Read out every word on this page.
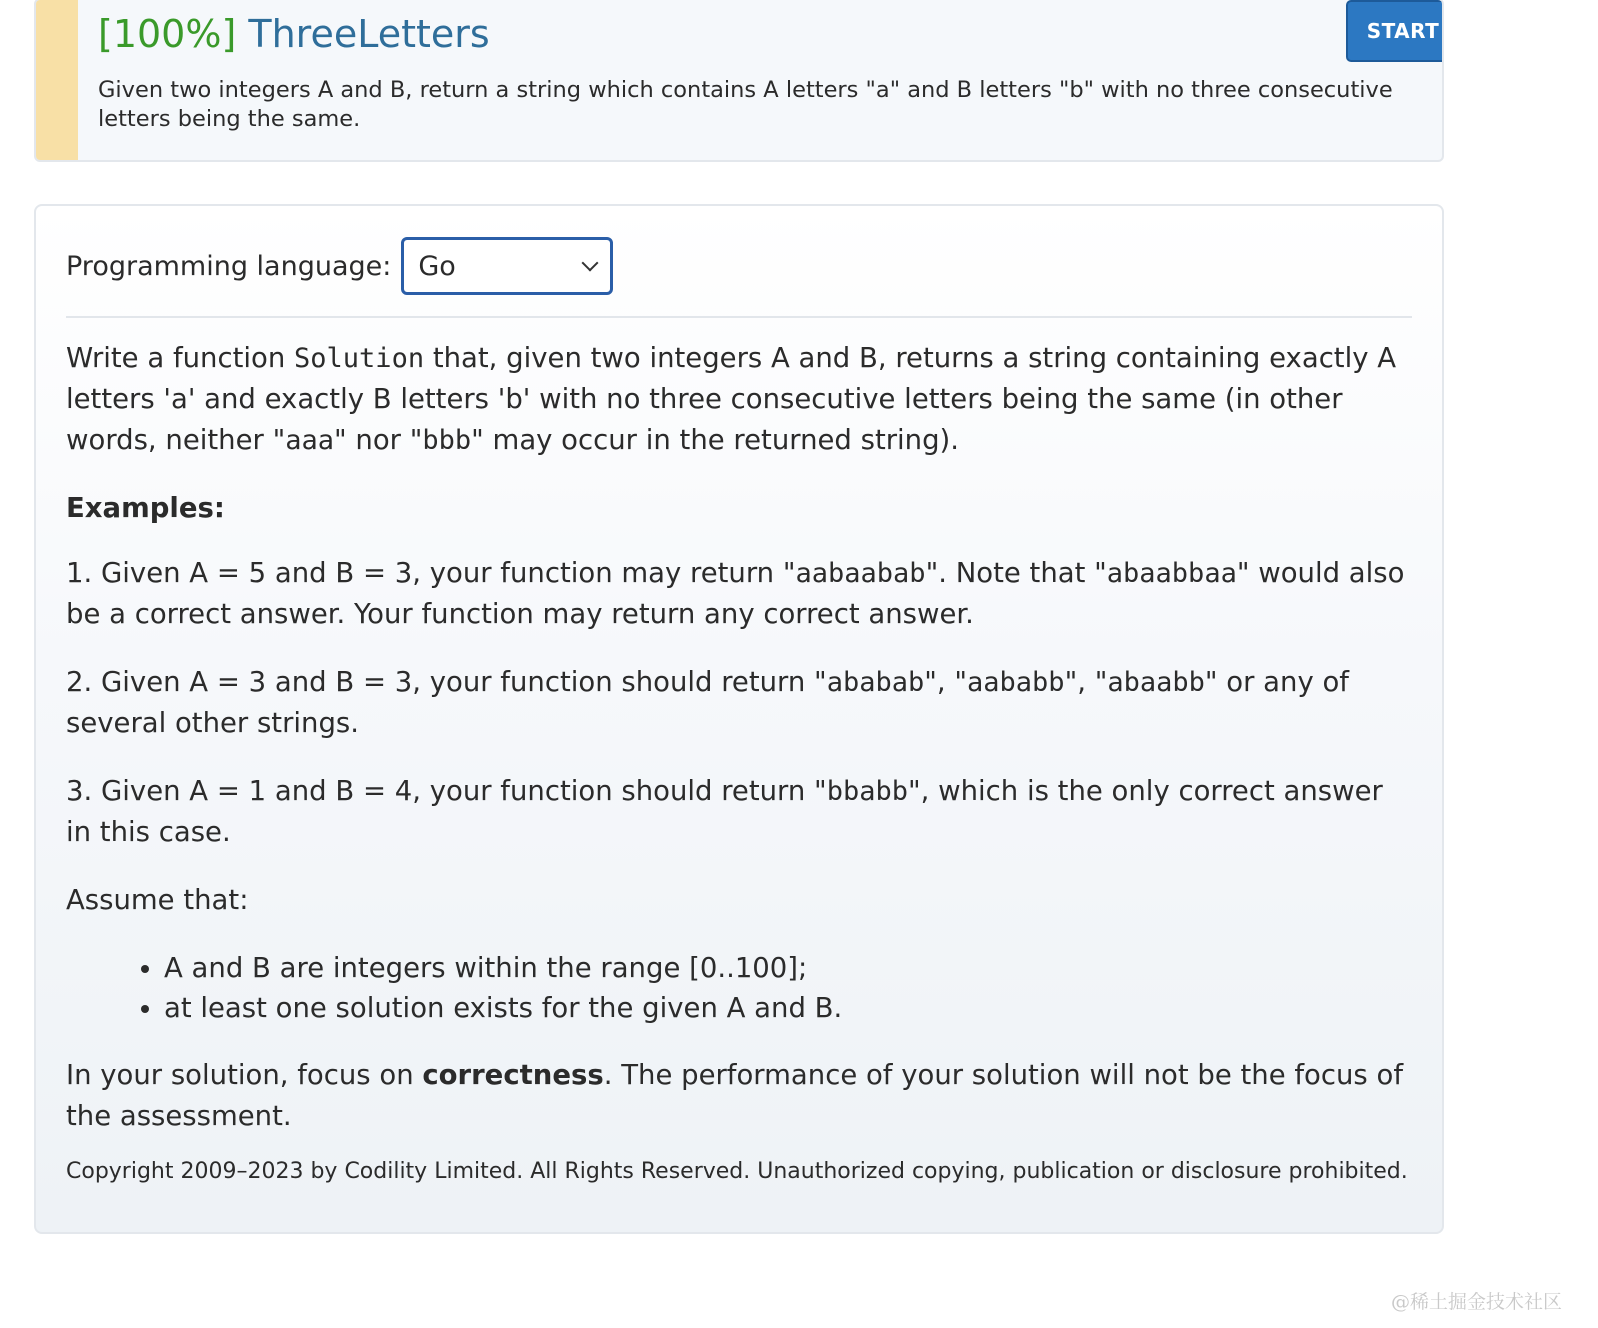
[100%] ThreeLetters
Given two integers A and B, return a string which contains A letters "a" and B letters "b" with no three consecutive letters being the same.
START
Programming language: Go

Write a function Solution that, given two integers A and B, returns a string containing exactly A letters 'a' and exactly B letters 'b' with no three consecutive letters being the same (in other words, neither "aaa" nor "bbb" may occur in the returned string).

Examples:

1. Given A = 5 and B = 3, your function may return "aabaabab". Note that "abaabbaa" would also be a correct answer. Your function may return any correct answer.

2. Given A = 3 and B = 3, your function should return "ababab", "aababb", "abaabb" or any of several other strings.

3. Given A = 1 and B = 4, your function should return "bbabb", which is the only correct answer in this case.

Assume that:

• A and B are integers within the range [0..100];
• at least one solution exists for the given A and B.

In your solution, focus on correctness. The performance of your solution will not be the focus of the assessment.

Copyright 2009–2023 by Codility Limited. All Rights Reserved. Unauthorized copying, publication or disclosure prohibited.
@稀土掘金技术社区
